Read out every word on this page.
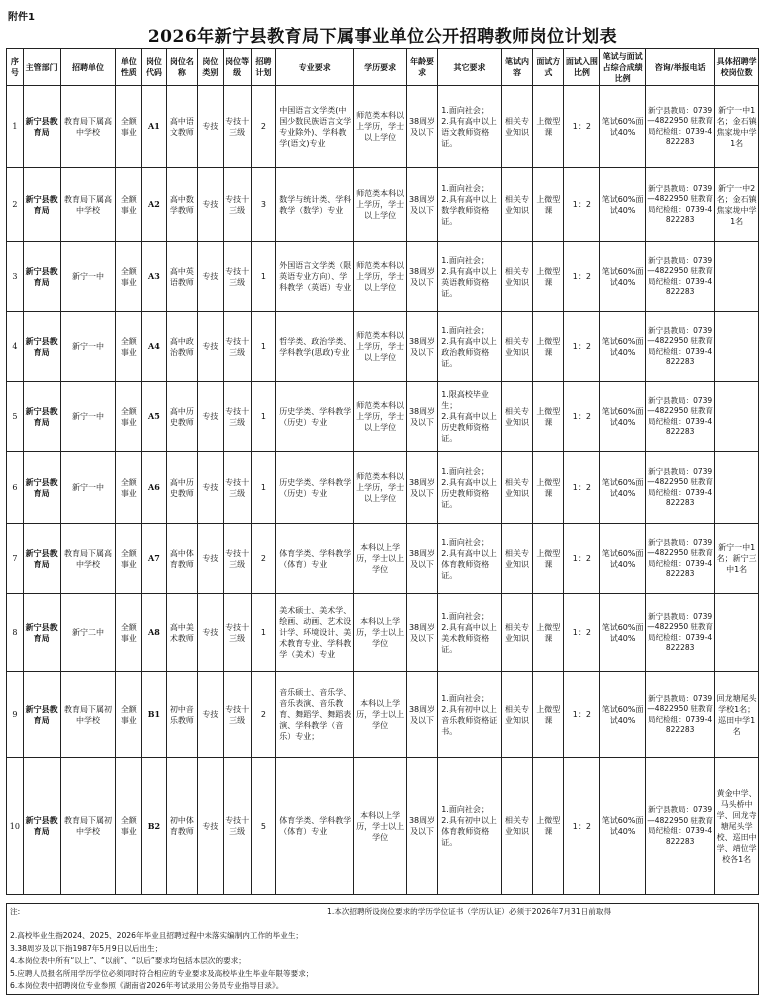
附件1
2026年新宁县教育局下属事业单位公开招聘教师岗位计划表
序号	主管部门	招聘单位	单位性质	岗位代码	岗位名称	岗位类别	岗位等级	招聘计划	专业要求	学历要求	年龄要求	其它要求	笔试内容	面试方式	面试入围比例	笔试与面试占综合成绩比例	咨询/举报电话	具体招聘学校岗位数
1	新宁县教育局	教育局下属高中学校	全额事业	A1	高中语文教师	专技	专技十三级	2	中国语言文学类(中国少数民族语言文学专业除外)、学科教学(语文)专业	师范类本科以上学历，学士以上学位	38周岁及以下	1.面向社会；
2.具有高中以上语文教师资格证。	相关专业知识	上微型课	1：2	笔试60%面试40%	新宁县教局：0739—4822950 驻教育局纪检组：0739-4822283	新宁一中1名；金石镇焦家垅中学1名
2	新宁县教育局	教育局下属高中学校	全额事业	A2	高中数学教师	专技	专技十三级	3	数学与统计类、学科教学（数学）专业	师范类本科以上学历，学士以上学位	38周岁及以下	1.面向社会；
2.具有高中以上数学教师资格证。	相关专业知识	上微型课	1：2	笔试60%面试40%	新宁县教局：0739—4822950 驻教育局纪检组：0739-4822283	新宁一中2名；金石镇焦家垅中学1名
3	新宁县教育局	新宁一中	全额事业	A3	高中英语教师	专技	专技十三级	1	外国语言文学类（限英语专业方向）、学科教学（英语）专业	师范类本科以上学历，学士以上学位	38周岁及以下	1.面向社会；
2.具有高中以上英语教师资格证。	相关专业知识	上微型课	1：2	笔试60%面试40%	新宁县教局：0739—4822950 驻教育局纪检组：0739-4822283	
4	新宁县教育局	新宁一中	全额事业	A4	高中政治教师	专技	专技十三级	1	哲学类、政治学类、学科教学(思政)专业	师范类本科以上学历，学士以上学位	38周岁及以下	1.面向社会；
2.具有高中以上政治教师资格证。	相关专业知识	上微型课	1：2	笔试60%面试40%	新宁县教局：0739—4822950 驻教育局纪检组：0739-4822283	
5	新宁县教育局	新宁一中	全额事业	A5	高中历史教师	专技	专技十三级	1	历史学类、学科教学（历史）专业	师范类本科以上学历，学士以上学位	38周岁及以下	1.限高校毕业生；
2.具有高中以上历史教师资格证。	相关专业知识	上微型课	1：2	笔试60%面试40%	新宁县教局：0739—4822950 驻教育局纪检组：0739-4822283	
6	新宁县教育局	新宁一中	全额事业	A6	高中历史教师	专技	专技十三级	1	历史学类、学科教学（历史）专业	师范类本科以上学历，学士以上学位	38周岁及以下	1.面向社会；
2.具有高中以上历史教师资格证。	相关专业知识	上微型课	1：2	笔试60%面试40%	新宁县教局：0739—4822950 驻教育局纪检组：0739-4822283	
7	新宁县教育局	教育局下属高中学校	全额事业	A7	高中体育教师	专技	专技十三级	2	体育学类、学科教学（体育）专业	本科以上学历，学士以上学位	38周岁及以下	1.面向社会；
2.具有高中以上体育教师资格证。	相关专业知识	上微型课	1：2	笔试60%面试40%	新宁县教局：0739—4822950 驻教育局纪检组：0739-4822283	新宁一中1名；新宁三中1名
8	新宁县教育局	新宁二中	全额事业	A8	高中美术教师	专技	专技十三级	1	美术硕士、美术学、绘画、动画、艺术设计学、环境设计、美术教育专业、学科教学（美术）专业	本科以上学历，学士以上学位	38周岁及以下	1.面向社会；
2.具有高中以上美术教师资格证。	相关专业知识	上微型课	1：2	笔试60%面试40%	新宁县教局：0739—4822950 驻教育局纪检组：0739-4822283	
9	新宁县教育局	教育局下属初中学校	全额事业	B1	初中音乐教师	专技	专技十三级	2	音乐硕士、音乐学、音乐表演、音乐教育、舞蹈学、舞蹈表演、学科教学（音乐）专业；	本科以上学历，学士以上学位	38周岁及以下	1.面向社会；
2.具有初中以上音乐教师资格证书。	相关专业知识	上微型课	1：2	笔试60%面试40%	新宁县教局：0739—4822950 驻教育局纪检组：0739-4822283	回龙塘尾头学校1名；巡田中学1名
10	新宁县教育局	教育局下属初中学校	全额事业	B2	初中体育教师	专技	专技十三级	5	体育学类、学科教学（体育）专业	本科以上学历，学士以上学位	38周岁及以下	1.面向社会；
2.具有初中以上体育教师资格证。	相关专业知识	上微型课	1：2	笔试60%面试40%	新宁县教局：0739—4822950 驻教育局纪检组：0739-4822283	黄金中学、马头桥中学、回龙寺塘尾头学校、巡田中学、靖位学校各1名
注:	1.本次招聘所设岗位要求的学历学位证书（学历认证）必须于2026年7月31日前取得
2.高校毕业生指2024、2025、2026年毕业且招聘过程中未落实编制内工作的毕业生；
3.38周岁及以下指1987年5月9日以后出生；
4.本岗位表中所有“以上”、“以前”、“以后”要求均包括本层次的要求；
5.应聘人员报名所用学历学位必须同时符合相应的专业要求及高校毕业生毕业年限等要求；
6.本岗位表中招聘岗位专业参照《湖南省2026年考试录用公务员专业指导目录》。
